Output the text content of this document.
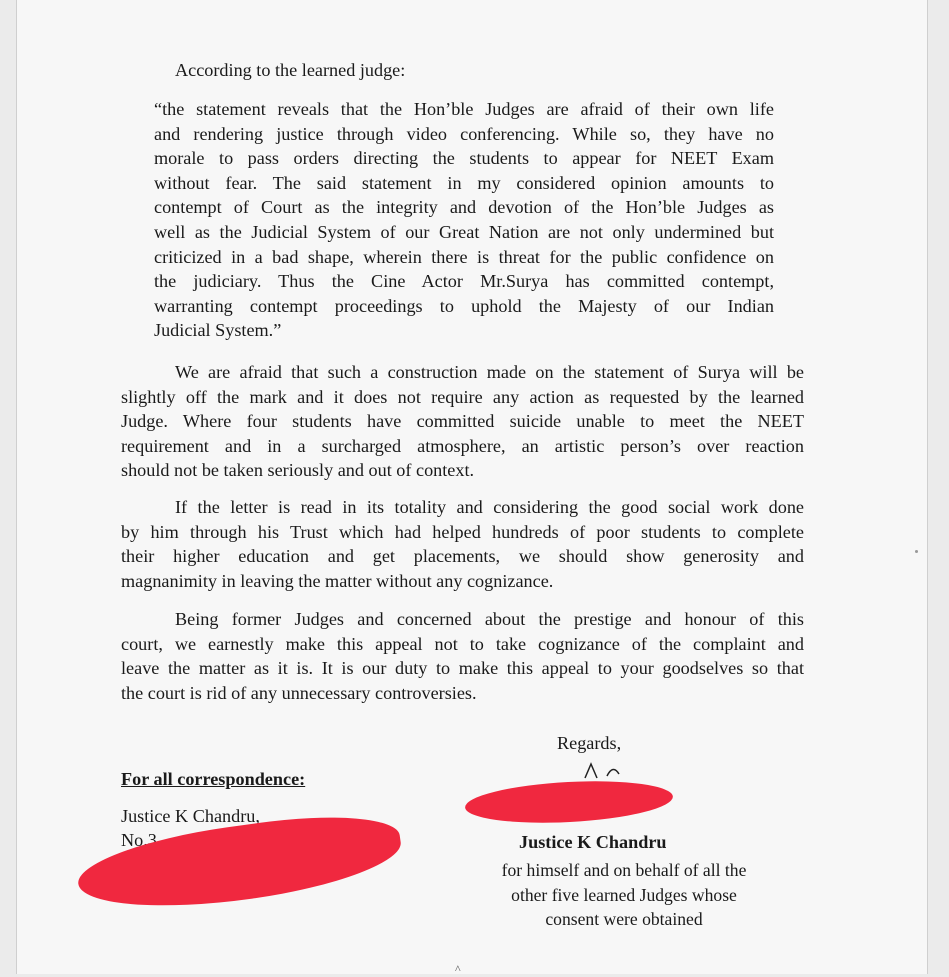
According to the learned judge:
“the statement reveals that the Hon’ble Judges are afraid of their own life
and rendering justice through video conferencing. While so, they have no
morale to pass orders directing the students to appear for NEET Exam
without fear. The said statement in my considered opinion amounts to
contempt of Court as the integrity and devotion of the Hon’ble Judges as
well as the Judicial System of our Great Nation are not only undermined but
criticized in a bad shape, wherein there is threat for the public confidence on
the judiciary. Thus the Cine Actor Mr.Surya has committed contempt,
warranting contempt proceedings to uphold the Majesty of our Indian
Judicial System.”
We are afraid that such a construction made on the statement of Surya will be
slightly off the mark and it does not require any action as requested by the learned
Judge. Where four students have committed suicide unable to meet the NEET
requirement and in a surcharged atmosphere, an artistic person’s over reaction
should not be taken seriously and out of context.
If the letter is read in its totality and considering the good social work done
by him through his Trust which had helped hundreds of poor students to complete
their higher education and get placements, we should show generosity and
magnanimity in leaving the matter without any cognizance.
Being former Judges and concerned about the prestige and honour of this
court, we earnestly make this appeal not to take cognizance of the complaint and
leave the matter as it is. It is our duty to make this appeal to your goodselves so that
the court is rid of any unnecessary controversies.
Regards,
For all correspondence:
Justice K Chandru,
No.3	Justice K Chandru
for himself and on behalf of all the
other five learned Judges whose
consent were obtained
^
